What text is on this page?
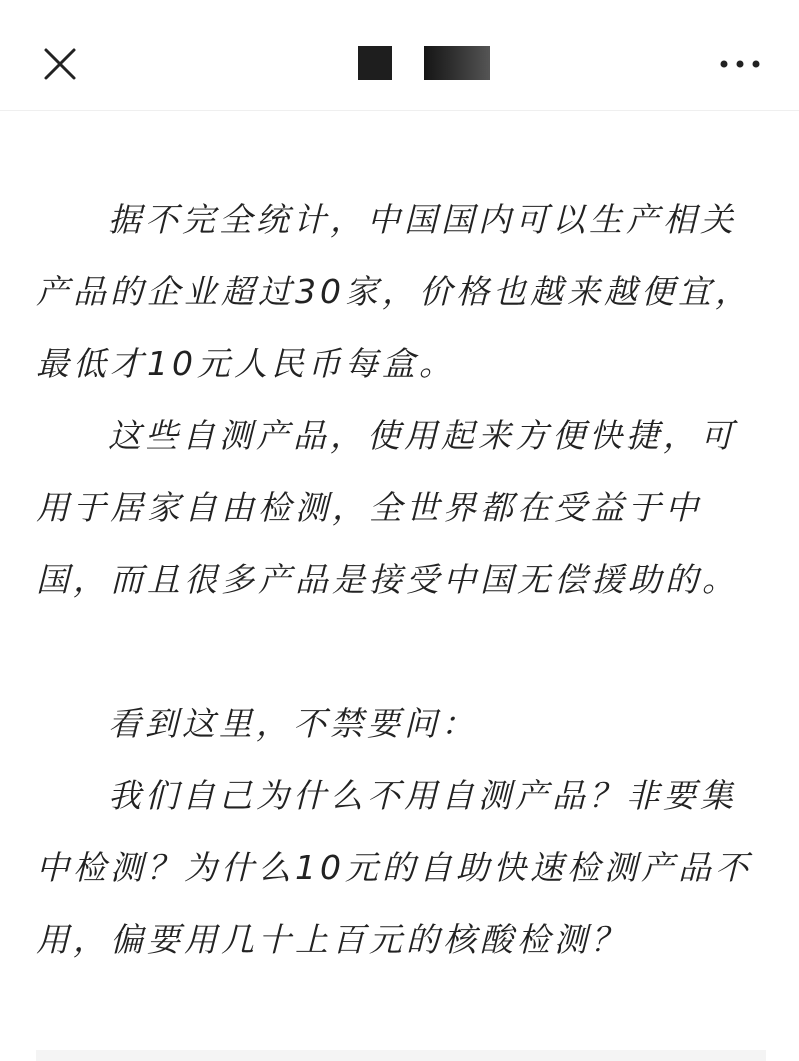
据不完全统计，中国国内可以生产相关产品的企业超过30家，价格也越来越便宜，最低才10元人民币每盒。

这些自测产品，使用起来方便快捷，可用于居家自由检测，全世界都在受益于中国，而且很多产品是接受中国无偿援助的。

看到这里，不禁要问：

我们自己为什么不用自测产品？非要集中检测？为什么10元的自助快速检测产品不用，偏要用几十上百元的核酸检测？
